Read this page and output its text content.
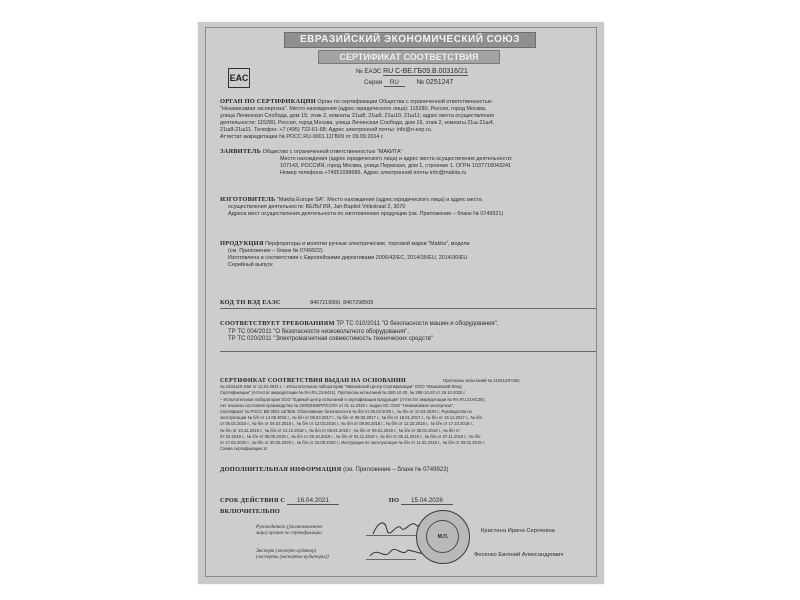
ЕВРАЗИЙСКИЙ ЭКОНОМИЧЕСКИЙ СОЮЗ
СЕРТИФИКАТ СООТВЕТСТВИЯ
ЕАС
№ ЕАЭС RU C-BE.ГБ09.В.00316/21
Серия RU	№ 0251247
ОРГАН ПО СЕРТИФИКАЦИИ Орган по сертификации Общества с ограниченной ответственностью
"Независимая экспертиза". Место нахождения (адрес юридического лица): 115280, Россия, город Москва,
улица Ленинская Слобода, дом 19, этаж 2, комнаты 21ш8, 21ш9, 21ш10, 21ш11; адрес места осуществления
деятельности: 115280, Россия, город Москва, улица Ленинская Слобода, дом 19, этаж 2, комнаты 21ш-21ш4,
21ш8-21ш11. Телефон: +7 (495) 722-61-68; Адрес электронной почты: info@n-exp.ru.
Аттестат аккредитации № РОСС RU.0001.11ГБ09 от 09.09.2014 г.
ЗАЯВИТЕЛЬ Общество с ограниченной ответственностью "МАКИТА"
Место нахождения (адрес юридического лица) и адрес места осуществления деятельности:
107143, РОССИЯ, город Москва, улица Пермская, дом 1, строение 1. ОГРН 1037718043241
Номер телефона +74951098686. Адрес электронной почты info@makita.ru
ИЗГОТОВИТЕЛЬ "Makita Europe SA". Место нахождения (адрес юридического лица) и адрес места
осуществления деятельности: БЕЛЬГИЯ, Jan-Baptist Vinkstraat 2, 3070
Адреса мест осуществления деятельности по изготовлению продукции (см. Приложение – бланк № 0749921)
ПРОДУКЦИЯ Перфораторы и молотки ручные электрические, торговой марки "Makita", модели
(см. Приложение – бланк № 0749922)
Изготовлена в соответствии с Европейскими директивами 2006/42/EC, 2014/35/EU, 2014/30/EU
Серийный выпуск
КОД ТН ВЭД ЕАЭС	8467219900, 8467298509
СООТВЕТСТВУЕТ ТРЕБОВАНИЯМ ТР ТС 010/2011 "О безопасности машин и оборудования",
ТР ТС 004/2011 "О безопасности низковольтного оборудования",
ТР ТС 020/2011 "Электромагнитная совместимость технических средств"
СЕРТИФИКАТ СООТВЕТСТВИЯ ВЫДАН НА ОСНОВАНИИ	Протоколы испытаний № 210412Л-03И,
№ 210412Л-03И от 12.04.2021 г. – Испытательная лаборатория "Ивановский Центр Сертификации" ООО "Ивановский Фонд
Сертификации" (Аттестат аккредитации № RA.RU.21АИ21). Протоколы испытаний № 28Е-10-20, № 29Е-10-20 от 29.10.2020 г.
– Испытательная лаборатория ООО "Единый центр испытаний и сертификации продукции" (Аттестат аккредитации № RA.RU.21НС28);
Акт анализа состояния производства № 20/00030КПП/ССРА от 01.11.2020 г. выдан ОС ООО "Независимая экспертиза";
Сертификат № РОСС BE.0001.11ГБ09. Обоснование безопасности № б/н от 06.03.2020 г., № б/н от 10.03.2020 г.; Руководства по
эксплуатации № б/н от 14.09.2016 г., № б/н от 09.03.2017 г., № б/н от 06.02.2017 г., № б/н от 18.01.2017 г., № б/н от 15.11.2017 г., № б/н
от 05.02.2018 г., № б/н от 04.03.2018 г., № б/н от 12.03.2018 г., № б/н от 09.06.2018 г., № б/н от 12.10.2018 г., № б/н от 17.10.2018 г.,
№ б/н от 13.12.2018 г., № б/н от 12.12.2018 г., № б/н от 08.01.2019 г., № б/н от 09.01.2019 г., № б/н от 30.01.2019 г., № б/н от
07.02.2019 г., № б/н от 08.05.2019 г., № б/н от 28.10.2019 г., № б/н от 04.11.2019 г., № б/н от 05.11.2019 г., № б/н от 27.11.2019 г., № б/н
от 17.02.2020 г., № б/н от 30.06.2020 г., № б/н от 24.08.2020 г.; Инструкции по эксплуатации № б/н от 11.02.2018 г., № б/н от 29.01.2019 г.
Схема сертификации 1с
ДОПОЛНИТЕЛЬНАЯ ИНФОРМАЦИЯ (см. Приложение – бланк № 0749923)
СРОК ДЕЙСТВИЯ С 16.04.2021	ПО 15.04.2026
ВКЛЮЧИТЕЛЬНО
Руководитель (уполномоченное
лицо) органа по сертификации	Кристина Ирина Сергеевна
Эксперт (эксперт-аудитор)
(эксперты (эксперты-аудиторы))	Фесенко Евгений Александрович
М.П.
